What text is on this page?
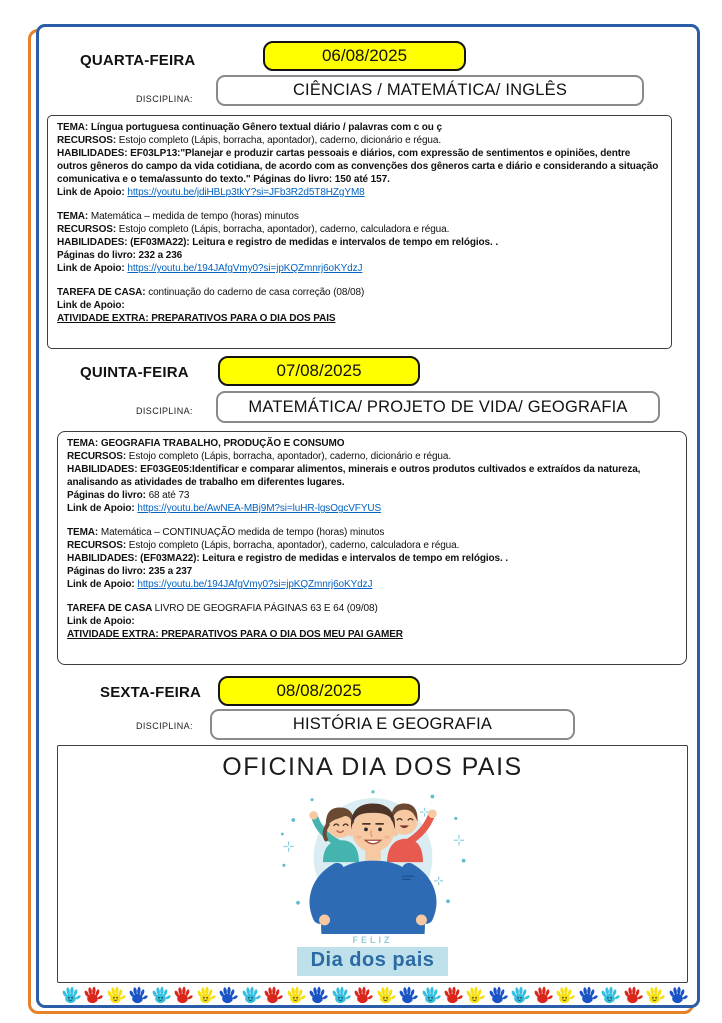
QUARTA-FEIRA	06/08/2025
DISCIPLINA:	CIÊNCIAS / MATEMÁTICA/ INGLÊS
TEMA: Língua portuguesa continuação Gênero textual diário / palavras com c ou ç
RECURSOS: Estojo completo (Lápis, borracha, apontador), caderno, dicionário e régua.
HABILIDADES: EF03LP13:"Planejar e produzir cartas pessoais e diários, com expressão de sentimentos e opiniões, dentre outros gêneros do campo da vida cotidiana, de acordo com as convenções dos gêneros carta e diário e considerando a situação comunicativa e o tema/assunto do texto." Páginas do livro: 150 até 157.
Link de Apoio: https://youtu.be/jdiHBLp3tkY?si=JFb3R2d5T8HZgYM8
TEMA: Matemática – medida de tempo (horas) minutos
RECURSOS: Estojo completo (Lápis, borracha, apontador), caderno, calculadora e régua.
HABILIDADES: (EF03MA22): Leitura e registro de medidas e intervalos de tempo em relógios. .
Páginas do livro: 232 a 236
Link de Apoio: https://youtu.be/194JAfgVmy0?si=jpKQZmnrj6oKYdzJ
TAREFA DE CASA: continuação do caderno de casa correção (08/08)
Link de Apoio:
ATIVIDADE EXTRA: PREPARATIVOS PARA O DIA DOS PAIS
QUINTA-FEIRA	07/08/2025
DISCIPLINA:	MATEMÁTICA/ PROJETO DE VIDA/ GEOGRAFIA
TEMA: GEOGRAFIA TRABALHO, PRODUÇÃO E CONSUMO
RECURSOS: Estojo completo (Lápis, borracha, apontador), caderno, dicionário e régua.
HABILIDADES: EF03GE05:Identificar e comparar alimentos, minerais e outros produtos cultivados e extraídos da natureza, analisando as atividades de trabalho em diferentes lugares.
Páginas do livro: 68 até 73
Link de Apoio: https://youtu.be/AwNEA-MBj9M?si=luHR-lgsOgcVFYUS
TEMA: Matemática – CONTINUAÇÃO medida de tempo (horas) minutos
RECURSOS: Estojo completo (Lápis, borracha, apontador), caderno, calculadora e régua.
HABILIDADES: (EF03MA22): Leitura e registro de medidas e intervalos de tempo em relógios. .
Páginas do livro: 235 a 237
Link de Apoio: https://youtu.be/194JAfgVmy0?si=jpKQZmnrj6oKYdzJ
TAREFA DE CASA LIVRO DE GEOGRAFIA PÁGINAS 63 E 64 (09/08)
Link de Apoio:
ATIVIDADE EXTRA: PREPARATIVOS PARA O DIA DOS MEU PAI GAMER
SEXTA-FEIRA	08/08/2025
DISCIPLINA:	HISTÓRIA E GEOGRAFIA
OFICINA DIA DOS PAIS
FELIZ
Dia dos pais
